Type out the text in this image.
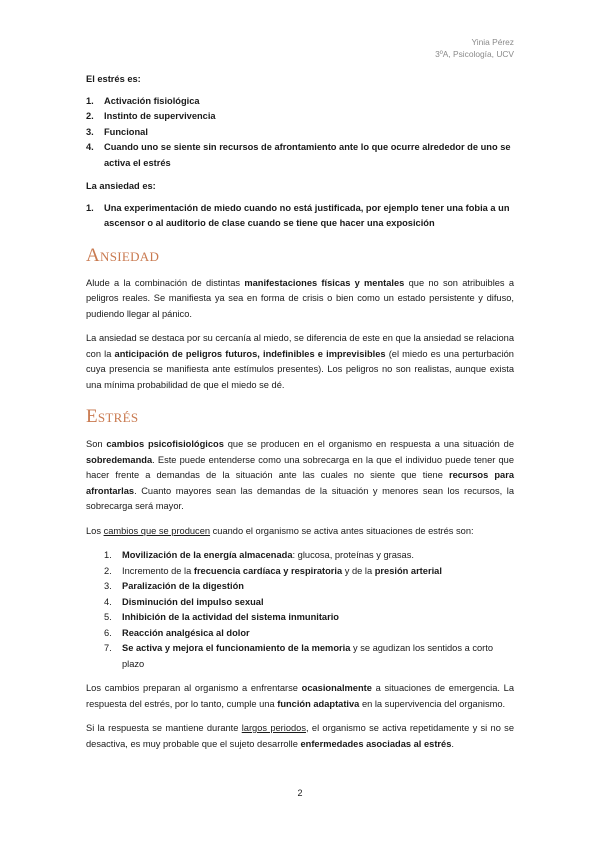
Yinia Pérez
3ºA, Psicología, UCV
El estrés es:
1. Activación fisiológica
2. Instinto de supervivencia
3. Funcional
4. Cuando uno se siente sin recursos de afrontamiento ante lo que ocurre alrededor de uno se activa el estrés
La ansiedad es:
1. Una experimentación de miedo cuando no está justificada, por ejemplo tener una fobia a un ascensor o al auditorio de clase cuando se tiene que hacer una exposición
Ansiedad

Alude a la combinación de distintas manifestaciones físicas y mentales que no son atribuibles a peligros reales. Se manifiesta ya sea en forma de crisis o bien como un estado persistente y difuso, pudiendo llegar al pánico.

La ansiedad se destaca por su cercanía al miedo, se diferencia de este en que la ansiedad se relaciona con la anticipación de peligros futuros, indefinibles e imprevisibles (el miedo es una perturbación cuya presencia se manifiesta ante estímulos presentes). Los peligros no son realistas, aunque exista una mínima probabilidad de que el miedo se dé.

Estrés

Son cambios psicofisiológicos que se producen en el organismo en respuesta a una situación de sobredemanda. Este puede entenderse como una sobrecarga en la que el individuo puede tener que hacer frente a demandas de la situación ante las cuales no siente que tiene recursos para afrontarlas. Cuanto mayores sean las demandas de la situación y menores sean los recursos, la sobrecarga será mayor.

Los cambios que se producen cuando el organismo se activa antes situaciones de estrés son:

1. Movilización de la energía almacenada: glucosa, proteínas y grasas.
2. Incremento de la frecuencia cardíaca y respiratoria y de la presión arterial
3. Paralización de la digestión
4. Disminución del impulso sexual
5. Inhibición de la actividad del sistema inmunitario
6. Reacción analgésica al dolor
7. Se activa y mejora el funcionamiento de la memoria y se agudizan los sentidos a corto plazo

Los cambios preparan al organismo a enfrentarse ocasionalmente a situaciones de emergencia. La respuesta del estrés, por lo tanto, cumple una función adaptativa en la supervivencia del organismo.

Si la respuesta se mantiene durante largos periodos, el organismo se activa repetidamente y si no se desactiva, es muy probable que el sujeto desarrolle enfermedades asociadas al estrés.

2
